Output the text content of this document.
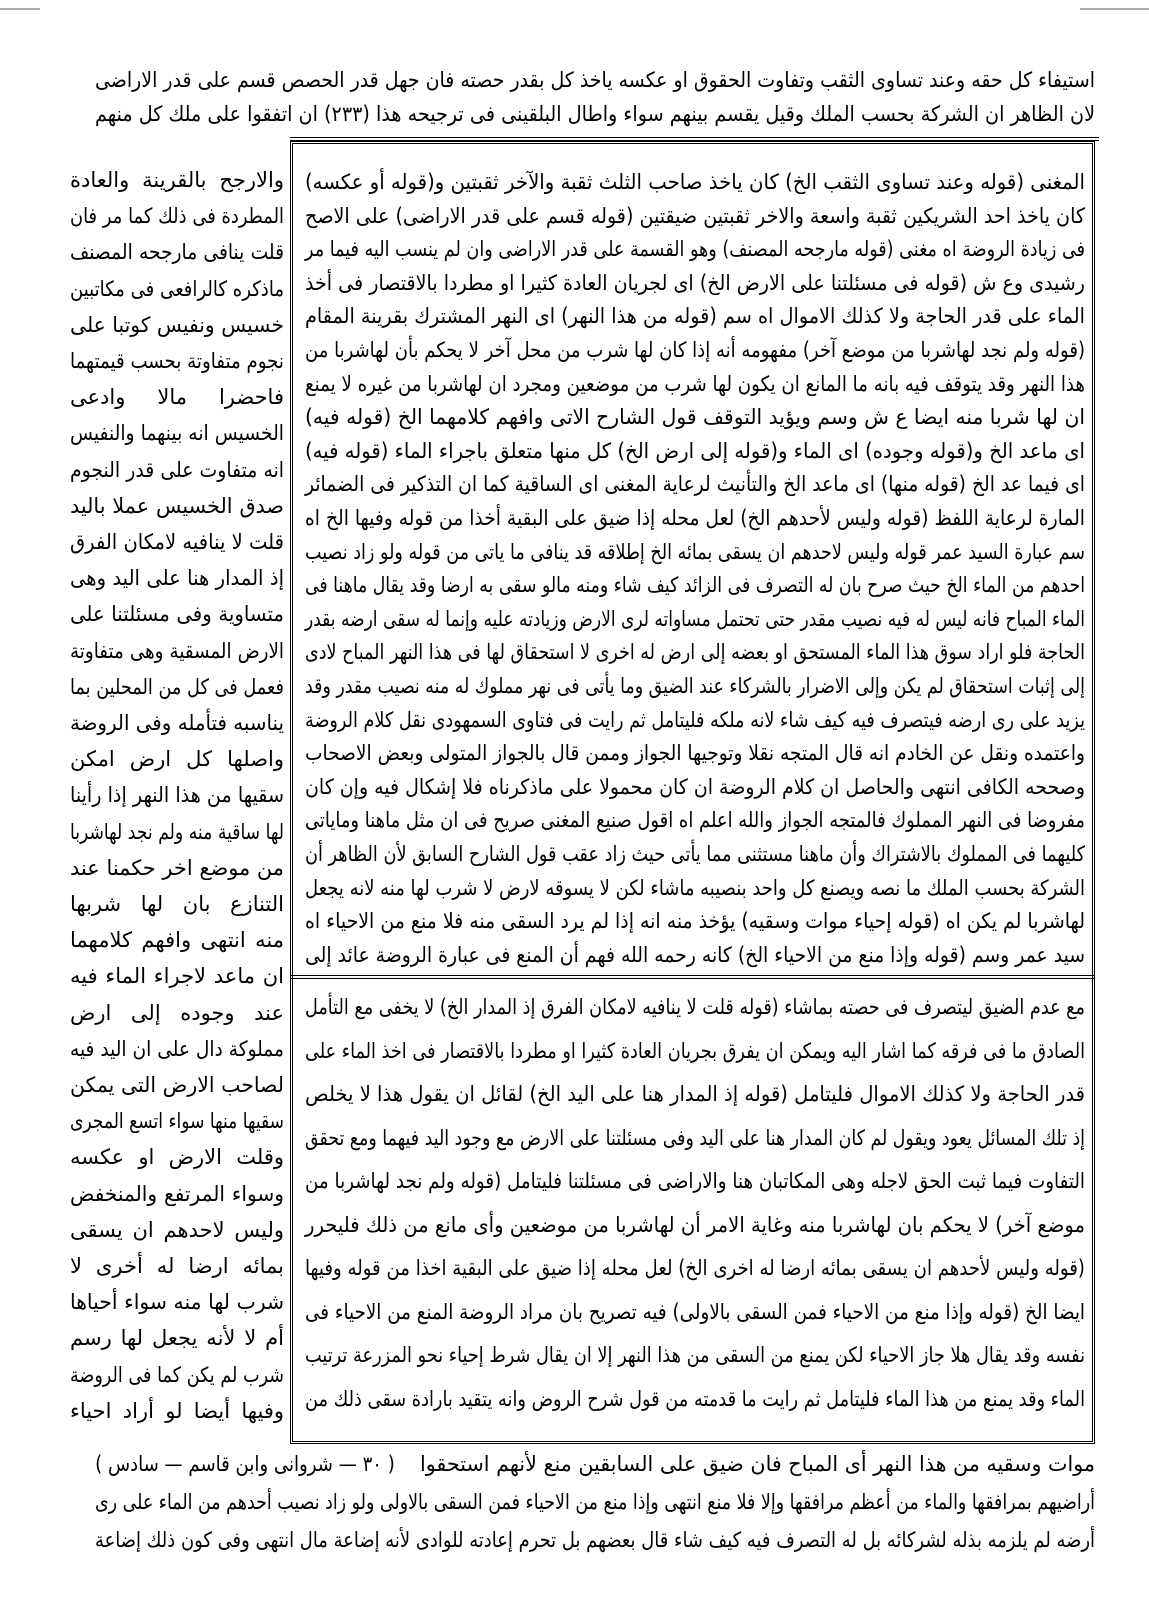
استيفاء كل حقه وعند تساوى الثقب وتفاوت الحقوق او عكسه ياخذ كل بقدر حصته فان جهل قدر الحصص قسم على قدر الاراضى
لان الظاهر ان الشركة بحسب الملك وقيل يقسم بينهم سواء واطال البلقينى فى ترجيحه هذا (٢٣٣) ان اتفقوا على ملك كل منهم
المغنى (قوله وعند تساوى الثقب الخ) كان ياخذ صاحب الثلث ثقبة والآخر ثقبتين و(قوله أو عكسه)
كان ياخذ احد الشريكين ثقبة واسعة والاخر ثقبتين ضيقتين (قوله قسم على قدر الاراضى) على الاصح
فى زيادة الروضة اه مغنى (قوله مارجحه المصنف) وهو القسمة على قدر الاراضى وان لم ينسب اليه فيما مر
رشيدى وع ش (قوله فى مسئلتنا على الارض الخ) اى لجريان العادة كثيرا او مطردا بالاقتصار فى أخذ
الماء على قدر الحاجة ولا كذلك الاموال اه سم (قوله من هذا النهر) اى النهر المشترك بقرينة المقام
(قوله ولم نجد لهاشربا من موضع آخر) مفهومه أنه إذا كان لها شرب من محل آخر لا يحكم بأن لهاشربا من
هذا النهر وقد يتوقف فيه بانه ما المانع ان يكون لها شرب من موضعين ومجرد ان لهاشربا من غيره لا يمنع
ان لها شربا منه ايضا ع ش وسم ويؤيد التوقف قول الشارح الاتى وافهم كلامهما الخ (قوله فيه)
اى ماعد الخ و(قوله وجوده) اى الماء و(قوله إلى ارض الخ) كل منها متعلق باجراء الماء (قوله فيه)
اى فيما عد الخ (قوله منها) اى ماعد الخ والتأنيث لرعاية المغنى اى الساقية كما ان التذكير فى الضمائر
المارة لرعاية اللفظ (قوله وليس لأحدهم الخ) لعل محله إذا ضيق على البقية أخذا من قوله وفيها الخ اه
سم عبارة السيد عمر قوله وليس لاحدهم ان يسقى بمائه الخ إطلاقه قد ينافى ما ياتى من قوله ولو زاد نصيب
احدهم من الماء الخ حيث صرح بان له التصرف فى الزائد كيف شاء ومنه مالو سقى به ارضا وقد يقال ماهنا فى
الماء المباح فانه ليس له فيه نصيب مقدر حتى تحتمل مساواته لرى الارض وزيادته عليه وإنما له سقى ارضه بقدر
الحاجة فلو اراد سوق هذا الماء المستحق او بعضه إلى ارض له اخرى لا استحقاق لها فى هذا النهر المباح لادى
إلى إثبات استحقاق لم يكن وإلى الاضرار بالشركاء عند الضيق وما يأتى فى نهر مملوك له منه نصيب مقدر وقد
يزيد على رى ارضه فيتصرف فيه كيف شاء لانه ملكه فليتامل ثم رايت فى فتاوى السمهودى نقل كلام الروضة
واعتمده ونقل عن الخادم انه قال المتجه نقلا وتوجيها الجواز وممن قال بالجواز المتولى وبعض الاصحاب
وصححه الكافى انتهى والحاصل ان كلام الروضة ان كان محمولا على ماذكرناه فلا إشكال فيه وإن كان
مفروضا فى النهر المملوك فالمتجه الجواز والله اعلم اه اقول صنيع المغنى صريح فى ان مثل ماهنا وماياتى
كليهما فى المملوك بالاشتراك وأن ماهنا مستثنى مما يأتى حيث زاد عقب قول الشارح السابق لأن الظاهر أن
الشركة بحسب الملك ما نصه ويصنع كل واحد بنصيبه ماشاء لكن لا يسوقه لارض لا شرب لها منه لانه يجعل
لهاشربا لم يكن اه (قوله إحياء موات وسقيه) يؤخذ منه انه إذا لم يرد السقى منه فلا منع من الاحياء اه
سيد عمر وسم (قوله وإذا منع من الاحياء الخ) كانه رحمه الله فهم أن المنع فى عبارة الروضة عائد إلى
مع عدم الضيق ليتصرف فى حصته بماشاء (قوله قلت لا ينافيه لامكان الفرق إذ المدار الخ) لا يخفى مع التأمل
الصادق ما فى فرقه كما اشار اليه ويمكن ان يفرق بجريان العادة كثيرا او مطردا بالاقتصار فى اخذ الماء على
قدر الحاجة ولا كذلك الاموال فليتامل (قوله إذ المدار هنا على اليد الخ) لقائل ان يقول هذا لا يخلص
إذ تلك المسائل يعود ويقول لم كان المدار هنا على اليد وفى مسئلتنا على الارض مع وجود اليد فيهما ومع تحقق
التفاوت فيما ثبت الحق لاجله وهى المكاتبان هنا والاراضى فى مسئلتنا فليتامل (قوله ولم نجد لهاشربا من
موضع آخر) لا يحكم بان لهاشربا منه وغاية الامر أن لهاشربا من موضعين وأى مانع من ذلك فليحرر
(قوله وليس لأحدهم ان يسقى بمائه ارضا له اخرى الخ) لعل محله إذا ضيق على البقية اخذا من قوله وفيها
ايضا الخ (قوله وإذا منع من الاحياء فمن السقى بالاولى) فيه تصريح بان مراد الروضة المنع من الاحياء فى
نفسه وقد يقال هلا جاز الاحياء لكن يمنع من السقى من هذا النهر إلا ان يقال شرط إحياء نحو المزرعة ترتيب
الماء وقد يمنع من هذا الماء فليتامل ثم رايت ما قدمته من قول شرح الروض وانه يتقيد بارادة سقى ذلك من
والارجح بالقرينة والعادة
المطردة فى ذلك كما مر فان
قلت ينافى مارجحه المصنف
ماذكره كالرافعى فى مكاتبين
خسيس ونفيس كوتبا على
نجوم متفاوتة بحسب قيمتهما
فاحضرا مالا وادعى
الخسيس انه بينهما والنفيس
انه متفاوت على قدر النجوم
صدق الخسيس عملا باليد
قلت لا ينافيه لامكان الفرق
إذ المدار هنا على اليد وهى
متساوية وفى مسئلتنا على
الارض المسقية وهى متفاوتة
فعمل فى كل من المحلين بما
يناسبه فتأمله وفى الروضة
واصلها كل ارض امكن
سقيها من هذا النهر إذا رأينا
لها ساقية منه ولم نجد لهاشربا
من موضع اخر حكمنا عند
التنازع بان لها شربها
منه انتهى وافهم كلامهما
ان ماعد لاجراء الماء فيه
عند وجوده إلى ارض
مملوكة دال على ان اليد فيه
لصاحب الارض التى يمكن
سقيها منها سواء اتسع المجرى
وقلت الارض او عكسه
وسواء المرتفع والمنخفض
وليس لاحدهم ان يسقى
بمائه ارضا له أخرى لا
شرب لها منه سواء أحياها
أم لا لأنه يجعل لها رسم
شرب لم يكن كما فى الروضة
وفيها أيضا لو أراد احياء
( ٣٠ — شروانى وابن قاسم — سادس ) موات وسقيه من هذا النهر أى المباح فان ضيق على السابقين منع لأنهم استحقوا
أراضيهم بمرافقها والماء من أعظم مرافقها وإلا فلا منع انتهى وإذا منع من الاحياء فمن السقى بالاولى ولو زاد نصيب أحدهم من الماء على رى
أرضه لم يلزمه بذله لشركائه بل له التصرف فيه كيف شاء قال بعضهم بل تحرم إعادته للوادى لأنه إضاعة مال انتهى وفى كون ذلك إضاعة
